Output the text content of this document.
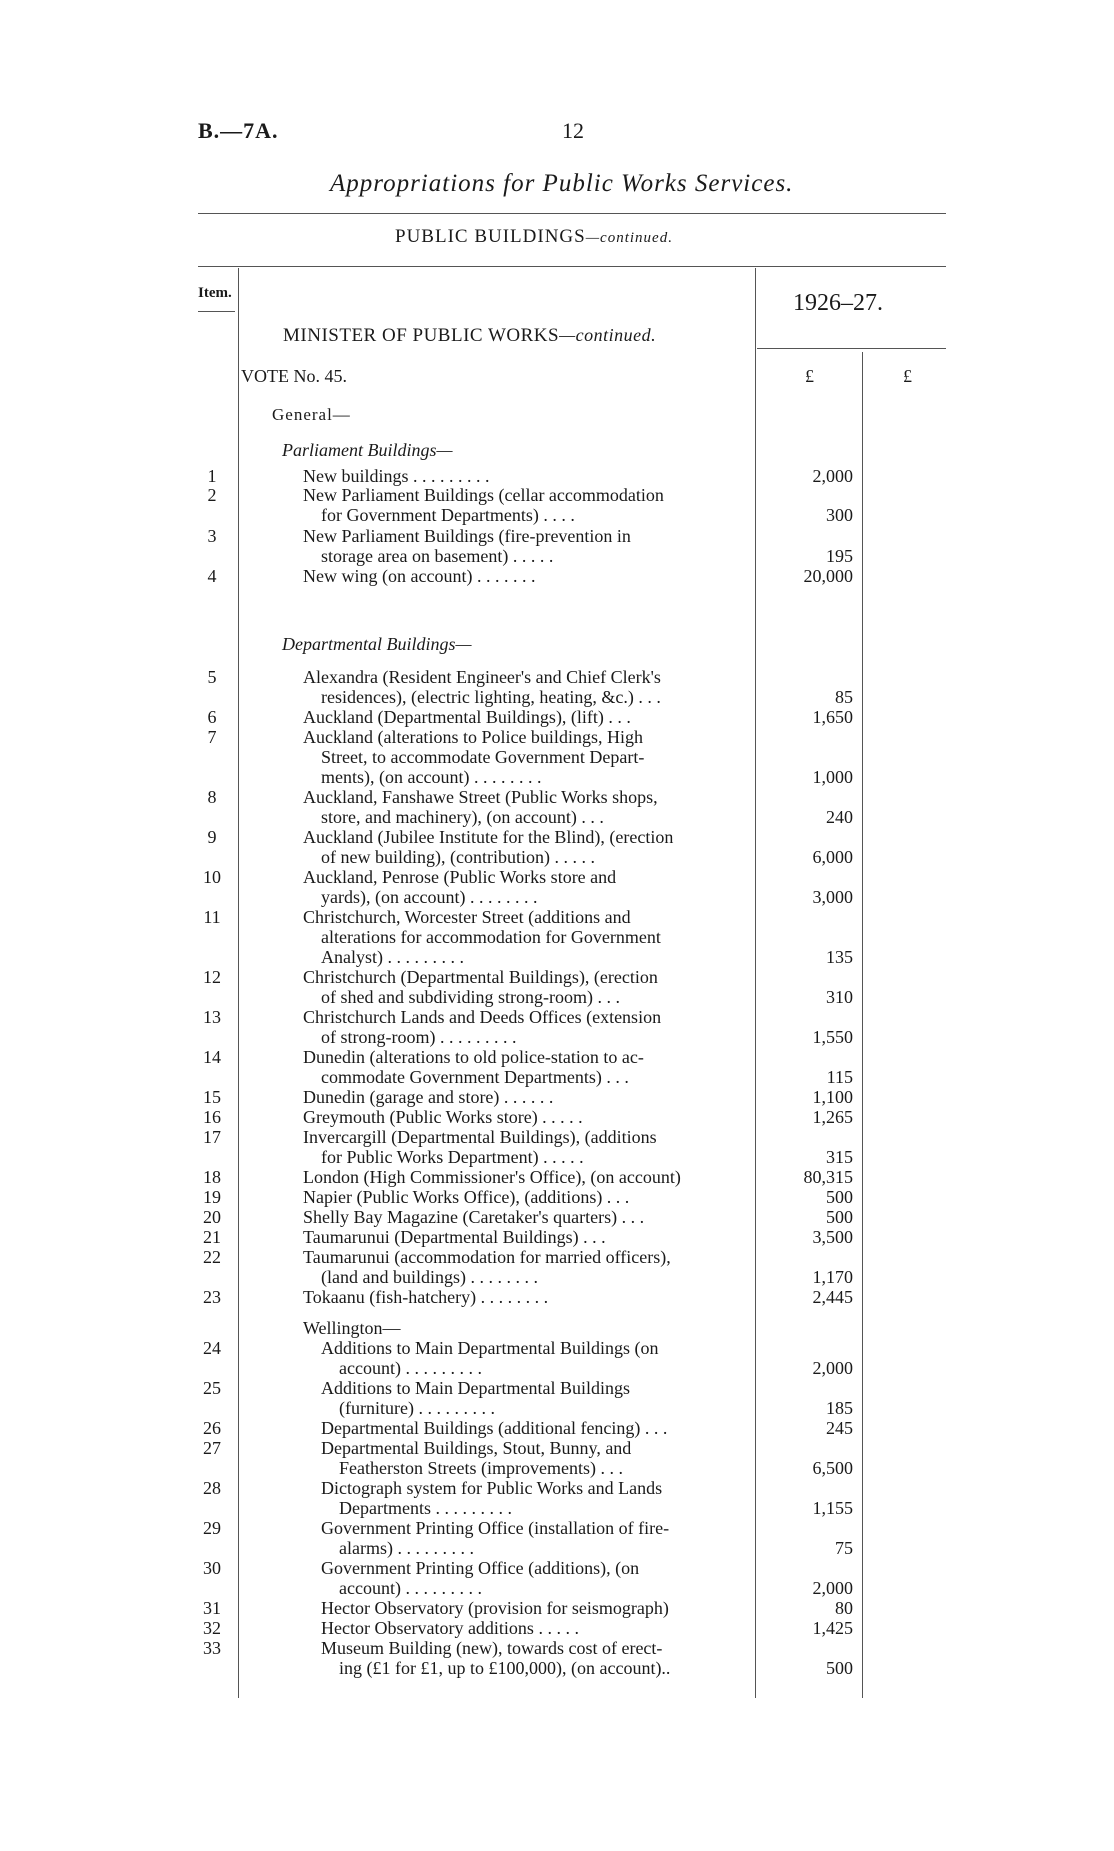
B.—7A.	12
Appropriations for Public Works Services.
PUBLIC BUILDINGS—continued.
Item.	1926–27.
MINISTER OF PUBLIC WORKS—continued.
VOTE No. 45.	£	£
General—
Parliament Buildings—
Departmental Buildings—
Wellington—
1	New buildings . . . . . . . . .	2,000
2	New Parliament Buildings (cellar accommodation
for Government Departments) . . . .	300
3	New Parliament Buildings (fire-prevention in
storage area on basement) . . . . .	195
4	New wing (on account) . . . . . . .	20,000
5	Alexandra (Resident Engineer's and Chief Clerk's
residences), (electric lighting, heating, &c.) . . .	85
6	Auckland (Departmental Buildings), (lift) . . .	1,650
7	Auckland (alterations to Police buildings, High
Street, to accommodate Government Depart-
ments), (on account) . . . . . . . .	1,000
8	Auckland, Fanshawe Street (Public Works shops,
store, and machinery), (on account) . . .	240
9	Auckland (Jubilee Institute for the Blind), (erection
of new building), (contribution) . . . . .	6,000
10	Auckland, Penrose (Public Works store and
yards), (on account) . . . . . . . .	3,000
11	Christchurch, Worcester Street (additions and
alterations for accommodation for Government
Analyst) . . . . . . . . .	135
12	Christchurch (Departmental Buildings), (erection
of shed and subdividing strong-room) . . .	310
13	Christchurch Lands and Deeds Offices (extension
of strong-room) . . . . . . . . .	1,550
14	Dunedin (alterations to old police-station to ac-
commodate Government Departments) . . .	115
15	Dunedin (garage and store) . . . . . .	1,100
16	Greymouth (Public Works store) . . . . .	1,265
17	Invercargill (Departmental Buildings), (additions
for Public Works Department) . . . . .	315
18	London (High Commissioner's Office), (on account)	80,315
19	Napier (Public Works Office), (additions) . . .	500
20	Shelly Bay Magazine (Caretaker's quarters) . . .	500
21	Taumarunui (Departmental Buildings) . . .	3,500
22	Taumarunui (accommodation for married officers),
(land and buildings) . . . . . . . .	1,170
23	Tokaanu (fish-hatchery) . . . . . . . .	2,445
24	Additions to Main Departmental Buildings (on
account) . . . . . . . . .	2,000
25	Additions to Main Departmental Buildings
(furniture) . . . . . . . . .	185
26	Departmental Buildings (additional fencing) . . .	245
27	Departmental Buildings, Stout, Bunny, and
Featherston Streets (improvements) . . .	6,500
28	Dictograph system for Public Works and Lands
Departments . . . . . . . . .	1,155
29	Government Printing Office (installation of fire-
alarms) . . . . . . . . .	75
30	Government Printing Office (additions), (on
account) . . . . . . . . .	2,000
31	Hector Observatory (provision for seismograph)	80
32	Hector Observatory additions . . . . .	1,425
33	Museum Building (new), towards cost of erect-
ing (£1 for £1, up to £100,000), (on account)..	500
